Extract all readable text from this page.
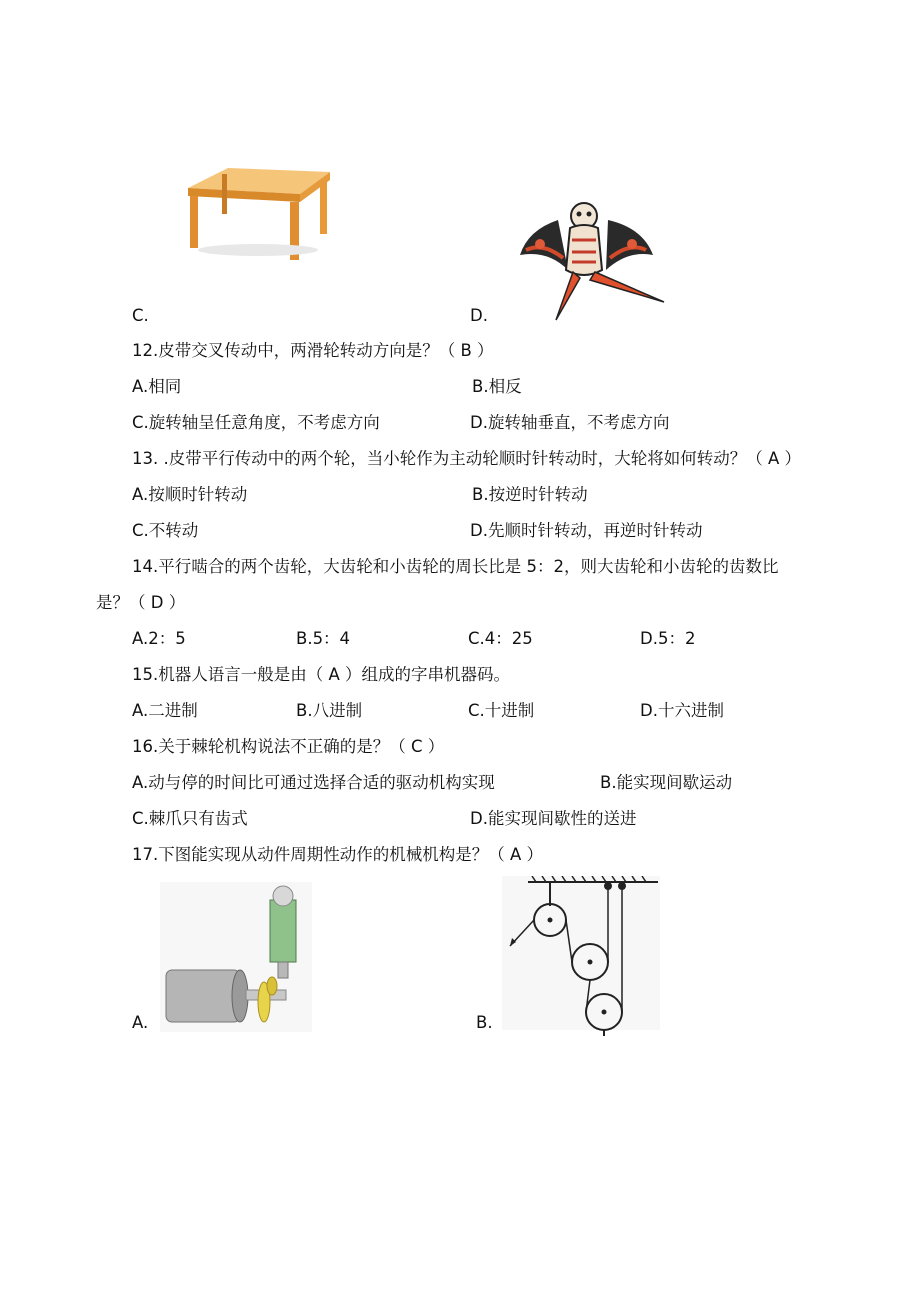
C.	D.
12.皮带交叉传动中，两滑轮转动方向是？（ B ）
A.相同	B.相反
C.旋转轴呈任意角度，不考虑方向	D.旋转轴垂直，不考虑方向
13. .皮带平行传动中的两个轮，当小轮作为主动轮顺时针转动时，大轮将如何转动？（ A ）
A.按顺时针转动	B.按逆时针转动
C.不转动	D.先顺时针转动，再逆时针转动
14.平行啮合的两个齿轮，大齿轮和小齿轮的周长比是 5：2，则大齿轮和小齿轮的齿数比
是？（ D ）
A.2：5	B.5：4	C.4：25	D.5：2
15.机器人语言一般是由（ A ）组成的字串机器码。
A.二进制	B.八进制	C.十进制	D.十六进制
16.关于棘轮机构说法不正确的是？（ C ）
A.动与停的时间比可通过选择合适的驱动机构实现	B.能实现间歇运动
C.棘爪只有齿式	D.能实现间歇性的送进
17.下图能实现从动件周期性动作的机械机构是？（ A ）
A.	B.
